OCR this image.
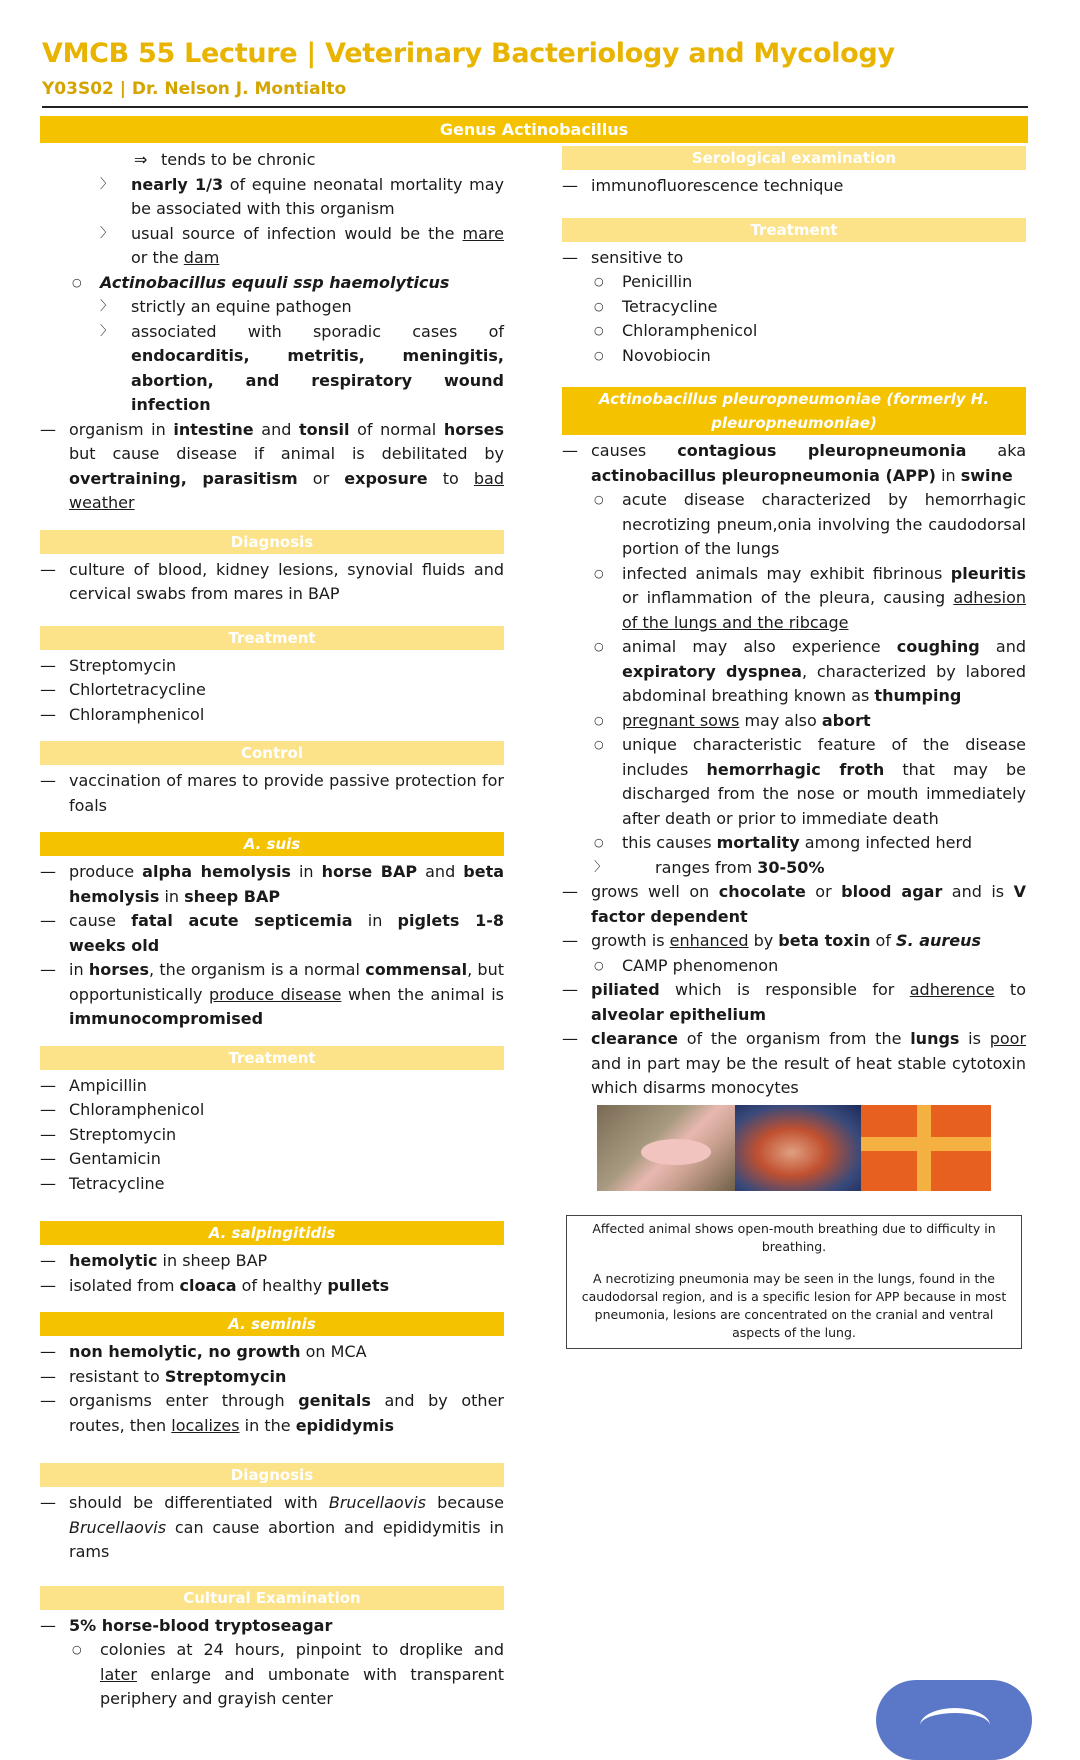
VMCB 55 Lecture | Veterinary Bacteriology and Mycology
Y03S02 | Dr. Nelson J. Montialto
Genus Actinobacillus
⇒ tends to be chronic
〉 nearly 1/3 of equine neonatal mortality may be associated with this organism
〉 usual source of infection would be the mare or the dam
○ Actinobacillus equuli ssp haemolyticus
〉 strictly an equine pathogen
〉 associated with sporadic cases of endocarditis, metritis, meningitis, abortion, and respiratory wound infection
— organism in intestine and tonsil of normal horses but cause disease if animal is debilitated by overtraining, parasitism or exposure to bad weather
Diagnosis
— culture of blood, kidney lesions, synovial fluids and cervical swabs from mares in BAP
Treatment
— Streptomycin
— Chlortetracycline
— Chloramphenicol
Control
— vaccination of mares to provide passive protection for foals
A. suis
— produce alpha hemolysis in horse BAP and beta hemolysis in sheep BAP
— cause fatal acute septicemia in piglets 1-8 weeks old
— in horses, the organism is a normal commensal, but opportunistically produce disease when the animal is immunocompromised
Treatment
— Ampicillin
— Chloramphenicol
— Streptomycin
— Gentamicin
— Tetracycline
A. salpingitidis
— hemolytic in sheep BAP
— isolated from cloaca of healthy pullets
A. seminis
— non hemolytic, no growth on MCA
— resistant to Streptomycin
— organisms enter through genitals and by other routes, then localizes in the epididymis
Diagnosis
— should be differentiated with Brucellaovis because Brucellaovis can cause abortion and epididymitis in rams
Cultural Examination
— 5% horse-blood tryptoseagar
○ colonies at 24 hours, pinpoint to droplike and later enlarge and umbonate with transparent periphery and grayish center
Serological examination
— immunofluorescence technique
Treatment
— sensitive to
○ Penicillin
○ Tetracycline
○ Chloramphenicol
○ Novobiocin
Actinobacillus pleuropneumoniae (formerly H.
pleuropneumoniae)
— causes contagious pleuropneumonia aka actinobacillus pleuropneumonia (APP) in swine
○ acute disease characterized by hemorrhagic necrotizing pneum,onia involving the caudodorsal portion of the lungs
○ infected animals may exhibit fibrinous pleuritis or inflammation of the pleura, causing adhesion of the lungs and the ribcage
○ animal may also experience coughing and expiratory dyspnea, characterized by labored abdominal breathing known as thumping
○ pregnant sows may also abort
○ unique characteristic feature of the disease includes hemorrhagic froth that may be discharged from the nose or mouth immediately after death or prior to immediate death
○ this causes mortality among infected herd
〉 ranges from 30-50%
— grows well on chocolate or blood agar and is V factor dependent
— growth is enhanced by beta toxin of S. aureus
○ CAMP phenomenon
— piliated which is responsible for adherence to alveolar epithelium
— clearance of the organism from the lungs is poor and in part may be the result of heat stable cytotoxin which disarms monocytes
Affected animal shows open-mouth breathing due to difficulty in breathing.
A necrotizing pneumonia may be seen in the lungs, found in the caudodorsal region, and is a specific lesion for APP because in most pneumonia, lesions are concentrated on the cranial and ventral aspects of the lung.
